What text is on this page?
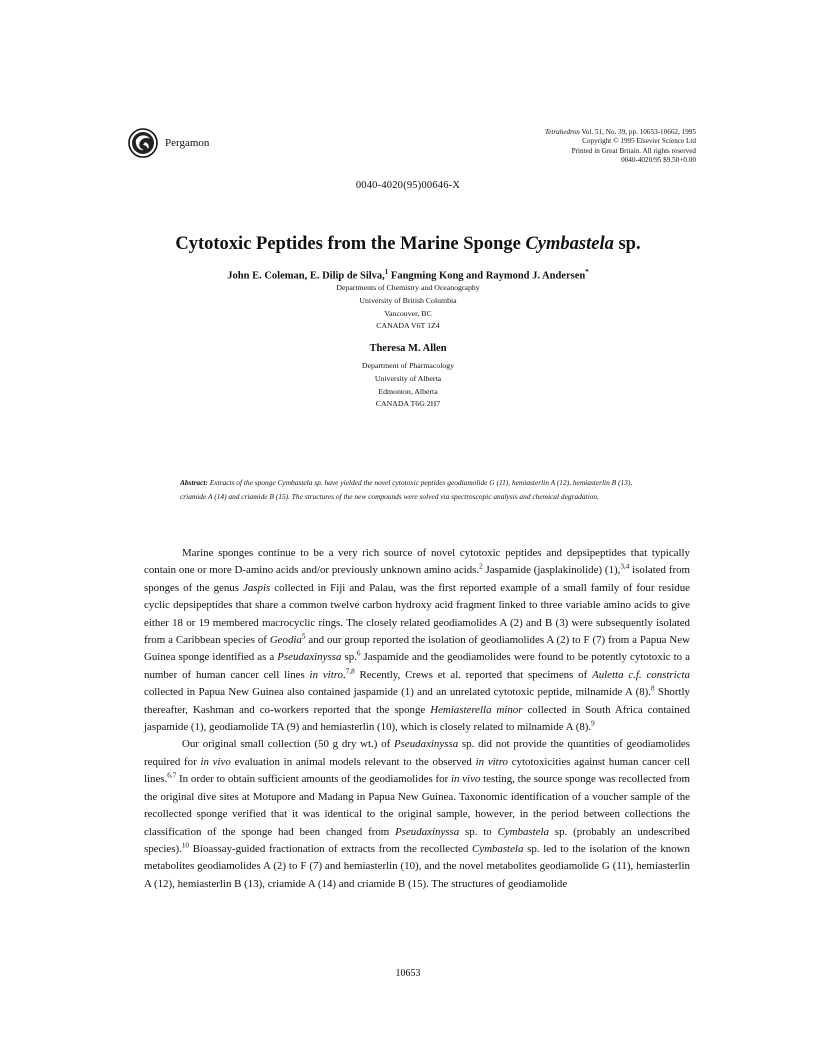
Pergamon
Tetrahedron Vol. 51, No. 39, pp. 10653-10662, 1995
Copyright © 1995 Elsevier Science Ltd
Printed in Great Britain. All rights reserved
0040-4020/95 $9.50+0.00
0040-4020(95)00646-X
Cytotoxic Peptides from the Marine Sponge Cymbastela sp.
John E. Coleman, E. Dilip de Silva,$^1$ Fangming Kong and Raymond J. Andersen*
Departments of Chemistry and Oceanography
University of British Columbia
Vancouver, BC
CANADA V6T 1Z4
Theresa M. Allen
Department of Pharmacology
University of Alberta
Edmonton, Alberta
CANADA T6G 2H7
Abstract: Extracts of the sponge Cymbastela sp. have yielded the novel cytotoxic peptides geodiamolide G (11), hemiasterlin A (12), hemiasterlin B (13), criamide A (14) and criamide B (15). The structures of the new compounds were solved via spectroscopic analysis and chemical degradation.

Marine sponges continue to be a very rich source of novel cytotoxic peptides and depsipeptides that typically contain one or more D-amino acids and/or previously unknown amino acids.$^2$ Jaspamide (jasplakinolide) (1),$^{3,4}$ isolated from sponges of the genus Jaspis collected in Fiji and Palau, was the first reported example of a small family of four residue cyclic depsipeptides that share a common twelve carbon hydroxy acid fragment linked to three variable amino acids to give either 18 or 19 membered macrocyclic rings. The closely related geodiamolides A (2) and B (3) were subsequently isolated from a Caribbean species of Geodia$^5$ and our group reported the isolation of geodiamolides A (2) to F (7) from a Papua New Guinea sponge identified as a Pseudaxinyssa sp.$^6$ Jaspamide and the geodiamolides were found to be potently cytotoxic to a number of human cancer cell lines in vitro.$^{7,8}$ Recently, Crews et al. reported that specimens of Auletta c.f. constricta collected in Papua New Guinea also contained jaspamide (1) and an unrelated cytotoxic peptide, milnamide A (8).$^8$ Shortly thereafter, Kashman and co-workers reported that the sponge Hemiasterella minor collected in South Africa contained jaspamide (1), geodiamolide TA (9) and hemiasterlin (10), which is closely related to milnamide A (8).$^9$

Our original small collection (50 g dry wt.) of Pseudaxinyssa sp. did not provide the quantities of geodiamolides required for in vivo evaluation in animal models relevant to the observed in vitro cytotoxicities against human cancer cell lines.$^{6,7}$ In order to obtain sufficient amounts of the geodiamolides for in vivo testing, the source sponge was recollected from the original dive sites at Motupore and Madang in Papua New Guinea. Taxonomic identification of a voucher sample of the recollected sponge verified that it was identical to the original sample, however, in the period between collections the classification of the sponge had been changed from Pseudaxinyssa sp. to Cymbastela sp. (probably an undescribed species).$^{10}$ Bioassay-guided fractionation of extracts from the recollected Cymbastela sp. led to the isolation of the known metabolites geodiamolides A (2) to F (7) and hemiasterlin (10), and the novel metabolites geodiamolide G (11), hemiasterlin A (12), hemiasterlin B (13), criamide A (14) and criamide B (15). The structures of geodiamolide

10653
